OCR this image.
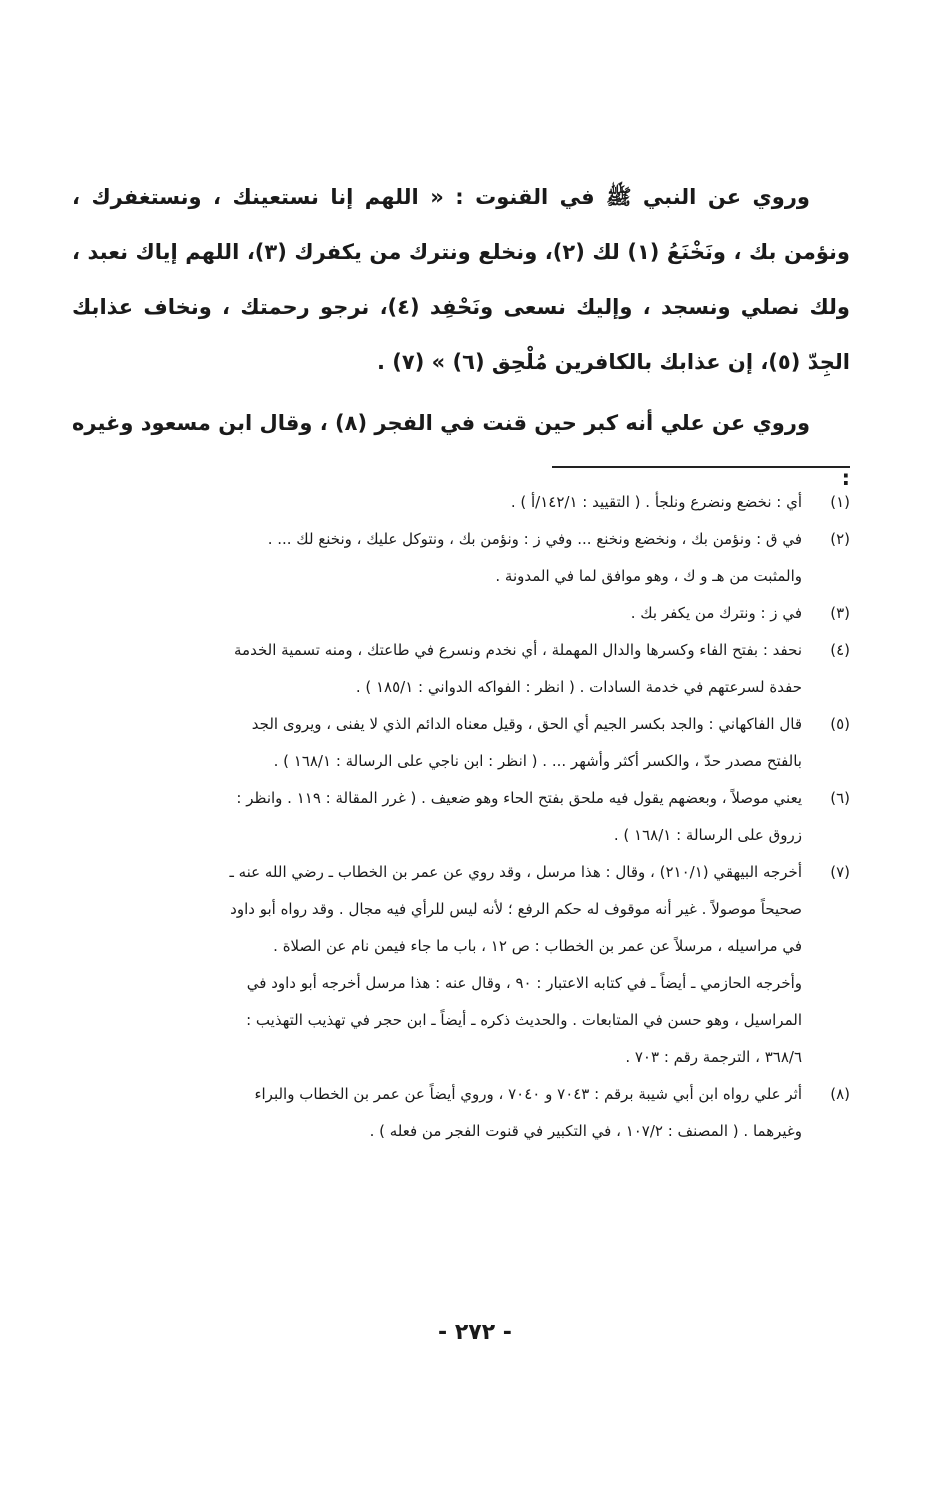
وروي عن النبي ﷺ في القنوت : « اللهم إنا نستعينك ، ونستغفرك ، ونؤمن بك ، ونَخْنَعُ (١) لك (٢)، ونخلع ونترك من يكفرك (٣)، اللهم إياك نعبد ، ولك نصلي ونسجد ، وإليك نسعى ونَحْفِد (٤)، نرجو رحمتك ، ونخاف عذابك الجِدّ (٥)، إن عذابك بالكافرين مُلْحِق (٦) » (٧) .

وروي عن علي أنه كبر حين قنت في الفجر (٨) ، وقال ابن مسعود وغيره :

(١)
أي : نخضع ونضرع ونلجأ . ( التقييد : ١٤٢/١/أ ) .
(٢)
في ق : ونؤمن بك ، ونخضع ونخنع ... وفي ز : ونؤمن بك ، ونتوكل عليك ، ونخنع لك ... .
والمثبت من هـ و ك ، وهو موافق لما في المدونة .
(٣)
في ز : ونترك من يكفر بك .
(٤)
نحفد : بفتح الفاء وكسرها والدال المهملة ، أي نخدم ونسرع في طاعتك ، ومنه تسمية الخدمة
حفدة لسرعتهم في خدمة السادات . ( انظر : الفواكه الدواني : ١٨٥/١ ) .
(٥)
قال الفاكهاني : والجد بكسر الجيم أي الحق ، وقيل معناه الدائم الذي لا يفنى ، ويروى الجد
بالفتح مصدر حدّ ، والكسر أكثر وأشهر ... . ( انظر : ابن ناجي على الرسالة : ١٦٨/١ ) .
(٦)
يعني موصلاً ، وبعضهم يقول فيه ملحق بفتح الحاء وهو ضعيف . ( غرر المقالة : ١١٩ . وانظر :
زروق على الرسالة : ١٦٨/١ ) .
(٧)
أخرجه البيهقي (٢١٠/١) ، وقال : هذا مرسل ، وقد روي عن عمر بن الخطاب ـ رضي الله عنه ـ
صحيحاً موصولاً . غير أنه موقوف له حكم الرفع ؛ لأنه ليس للرأي فيه مجال . وقد رواه أبو داود
في مراسيله ، مرسلاً عن عمر بن الخطاب : ص ١٢ ، باب ما جاء فيمن نام عن الصلاة .
وأخرجه الحازمي ـ أيضاً ـ في كتابه الاعتبار : ٩٠ ، وقال عنه : هذا مرسل أخرجه أبو داود في
المراسيل ، وهو حسن في المتابعات . والحديث ذكره ـ أيضاً ـ ابن حجر في تهذيب التهذيب :
٣٦٨/٦ ، الترجمة رقم : ٧٠٣ .
(٨)
أثر علي رواه ابن أبي شيبة برقم : ٧٠٤٣ و ٧٠٤٠ ، وروي أيضاً عن عمر بن الخطاب والبراء
وغيرهما . ( المصنف : ١٠٧/٢ ، في التكبير في قنوت الفجر من فعله ) .
- ٢٧٢ -
